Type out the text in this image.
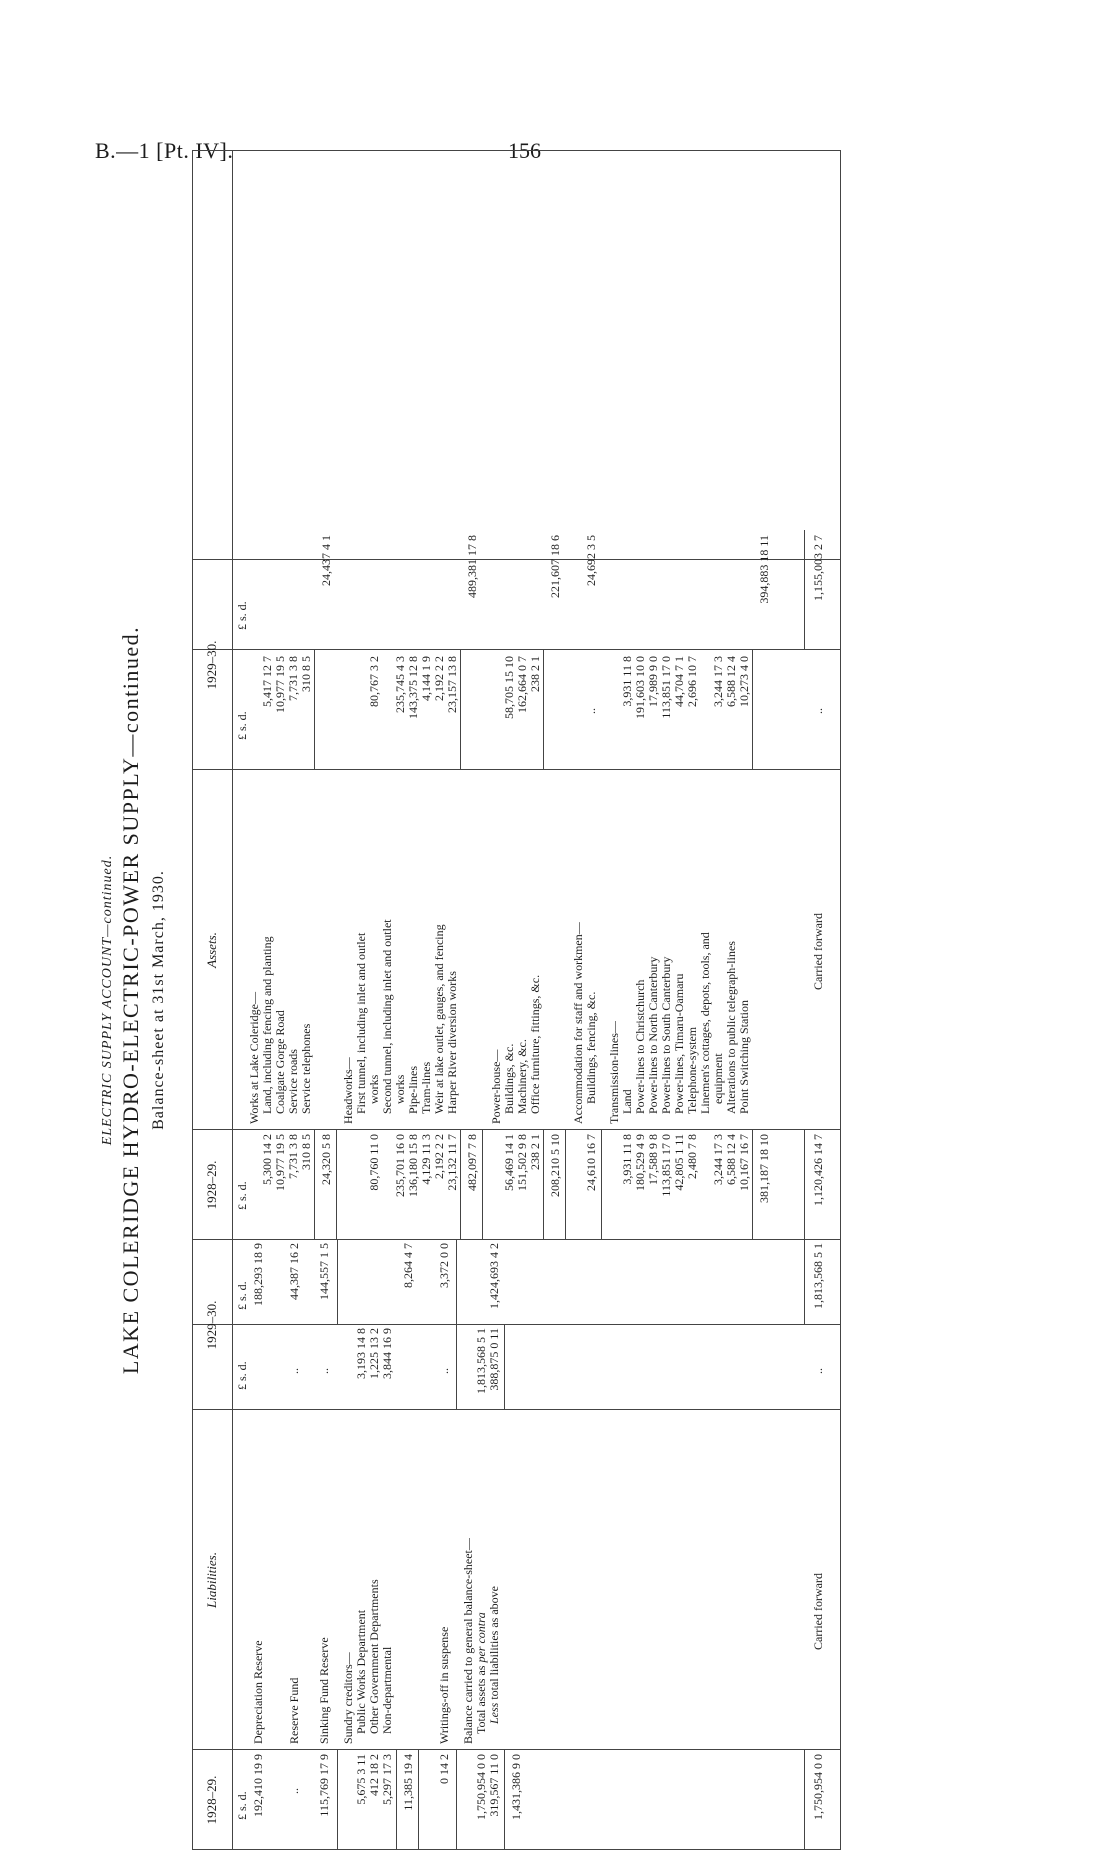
B.—1 [Pt. IV].	156
ELECTRIC SUPPLY ACCOUNT—continued. LAKE COLERIDGE HYDRO-ELECTRIC-POWER SUPPLY—continued. Balance-sheet at 31st March, 1930.
1928–29.
Liabilities.
1929–30.
1928–29.
Assets.
1929–30.
£ s. d.
£ s. d.
£ s. d.
£ s. d.
£ s. d.
£ s. d.
192,410 19 9
Depreciation Reserve
188,293 18 9
..
Reserve Fund
..
44,387 16 2
115,769 17 9
Sinking Fund Reserve
..
144,557 1 5
Sundry creditors—
5,675 3 11
Public Works Department
3,193 14 8
412 18 2
Other Government Departments
1,225 13 2
5,297 17 3
Non-departmental
3,844 16 9
11,385 19 4
8,264 4 7
0 14 2
Writings-off in suspense
..
3,372 0 0
Balance carried to general balance-sheet—
1,750,954 0 0
Total assets as per contra
1,813,568 5 1
319,567 11 0
Less total liabilities as above
388,875 0 11
1,424,693 4 2
1,431,386 9 0	1,750,954 0 0
Carried forward
..
1,813,568 5 1
Works at Lake Coleridge—
5,300 14 2
Land, including fencing and planting
5,417 12 7
10,977 19 5
Coalgate Gorge Road
10,977 19 5
7,731 3 8
Service roads
7,731 3 8
310 8 5
Service telephones
310 8 5
24,320 5 8
24,437 4 1
Headworks— First tunnel, including inlet and outlet works
80,760 11 0
80,767 3 2
Second tunnel, including inlet and outlet works
235,701 16 0
235,745 4 3
136,180 15 8
Pipe-lines
143,375 12 8
4,129 11 3
Tram-lines
4,144 1 9
2,192 2 2
Weir at lake outlet, gauges, and fencing
2,192 2 2
23,132 11 7
Harper River diversion works
23,157 13 8
482,097 7 8
489,381 17 8
Power-house—
56,469 14 1
Buildings, &c.
58,705 15 10
151,502 9 8
Machinery, &c.
162,664 0 7
238 2 1
Office furniture, fittings, &c.
238 2 1
208,210 5 10
221,607 18 6
Accommodation for staff and workmen—
24,610 16 7
Buildings, fencing, &c.
..
24,692 3 5
Transmission-lines—
3,931 11 8
Land
3,931 11 8
180,529 4 9
Power-lines to Christchurch
191,603 10 0
17,588 9 8
Power-lines to North Canterbury
17,989 9 0
113,851 17 0
Power-lines to South Canterbury
113,851 17 0
42,805 1 11
Power-lines, Timaru-Oamaru
44,704 7 1
2,480 7 8
Telephone-system
2,696 10 7
Linemen's cottages, depots, tools, and equipment
3,244 17 3
3,244 17 3
6,588 12 4
Alterations to public telegraph-lines
6,588 12 4
10,167 16 7
Point Switching Station
10,273 4 0
381,187 18 10
394,883 18 11
1,120,426 14 7
Carried forward
..
1,155,003 2 7
